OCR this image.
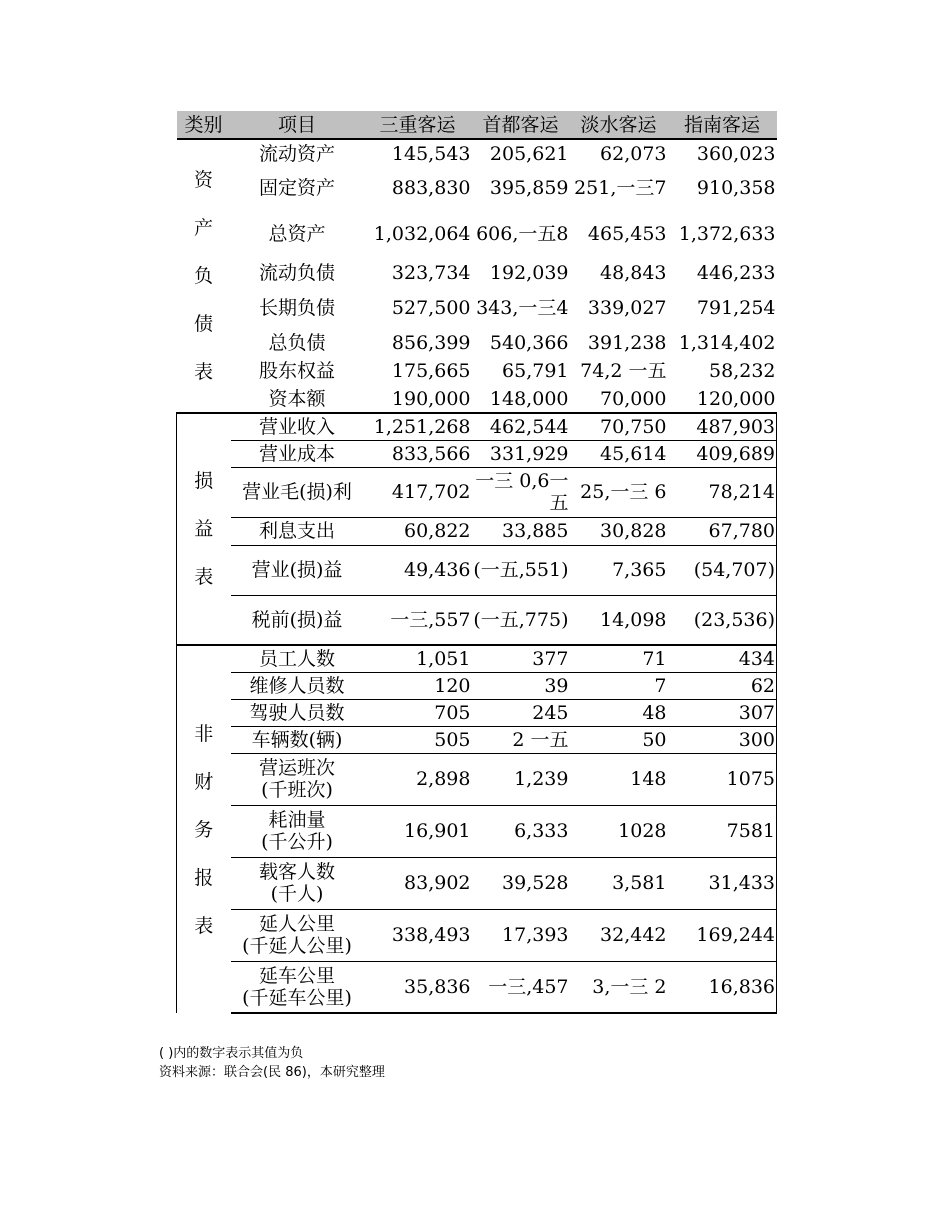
类别	项目	三重客运	首都客运	淡水客运	指南客运
资
产
负
债
表	流动资产	145,543	205,621	62,073	360,023
	固定资产	883,830	395,859	251,一三7	910,358
	总资产	1,032,064	606,一五8	465,453	1,372,633
	流动负债	323,734	192,039	48,843	446,233
	长期负债	527,500	343,一三4	339,027	791,254
	总负债	856,399	540,366	391,238	1,314,402
	股东权益	175,665	65,791	74,2 一五	58,232
	资本额	190,000	148,000	70,000	120,000
损
益
表	营业收入	1,251,268	462,544	70,750	487,903
	营业成本	833,566	331,929	45,614	409,689
	营业毛(损)利	417,702	一三 0,6一五	25,一三 6	78,214
	利息支出	60,822	33,885	30,828	67,780
	营业(损)益	49,436	(一五,551)	7,365	(54,707)
	税前(损)益	一三,557	(一五,775)	14,098	(23,536)
非
财
务
报
表	员工人数	1,051	377	71	434
	维修人员数	120	39	7	62
	驾驶人员数	705	245	48	307
	车辆数(辆)	505	2 一五	50	300
	营运班次
(千班次)	2,898	1,239	148	1075
	耗油量
(千公升)	16,901	6,333	1028	7581
	载客人数
(千人)	83,902	39,528	3,581	31,433
	延人公里
(千延人公里)	338,493	17,393	32,442	169,244
	延车公里
(千延车公里)	35,836	一三,457	3,一三 2	16,836
( )内的数字表示其值为负
资料来源：联合会(民 86)，本研究整理
